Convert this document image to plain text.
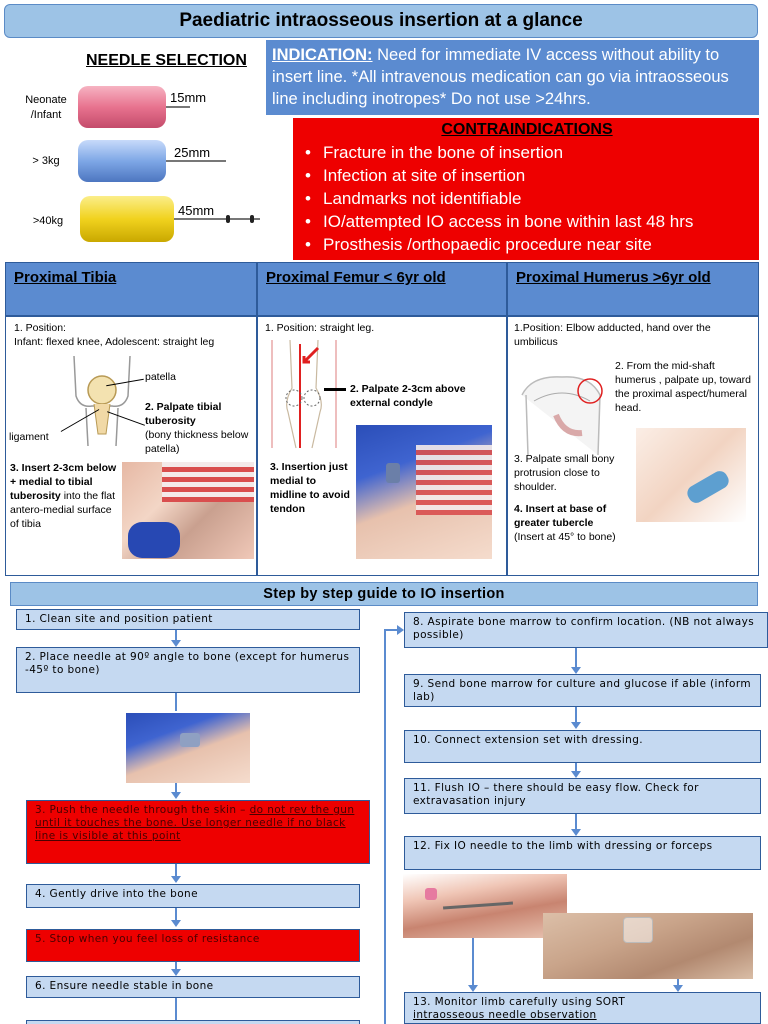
Paediatric intraosseous insertion at a glance
NEEDLE SELECTION
Neonate /Infant
15mm
> 3kg
25mm
>40kg
45mm
INDICATION: Need for immediate IV access without ability to insert line. *All intravenous medication can go via intraosseous line including inotropes* Do not use >24hrs.
CONTRAINDICATIONS
• Fracture in the bone of insertion
• Infection at site of insertion
• Landmarks not identifiable
• IO/attempted IO access in bone within last 48 hrs
• Prosthesis /orthopaedic procedure near site
Proximal Tibia	Proximal Femur < 6yr old	Proximal Humerus >6yr old
1. Position:
Infant: flexed knee, Adolescent: straight leg
patella
ligament
2. Palpate tibial tuberosity
(bony thickness below patella)
3. Insert 2-3cm below + medial to tibial tuberosity into the flat antero-medial surface of tibia
1. Position: straight leg.
2. Palpate 2-3cm above external condyle
3. Insertion just medial to midline to avoid tendon
1.Position: Elbow adducted, hand over the umbilicus
2. From the mid-shaft humerus , palpate up, toward the proximal aspect/humeral head.
3. Palpate small bony protrusion close to shoulder.
4. Insert at base of greater tubercle
(Insert at 45° to bone)
Step by step guide to IO insertion
1. Clean site and position patient
2. Place needle at 90º angle to bone (except for humerus -45º to bone)
3. Push the needle through the skin – do not rev the gun until it touches the bone. Use longer needle if no black line is visible at this point
4. Gently drive into the bone
5. Stop when you feel loss of resistance
6. Ensure needle stable in bone
8. Aspirate bone marrow to confirm location. (NB not always possible)
9. Send bone marrow for culture and glucose if able (inform lab)
10. Connect extension set with dressing.
11. Flush IO – there should be easy flow. Check for extravasation injury
12. Fix IO needle to the limb with dressing or forceps
13. Monitor limb carefully using SORT
intraosseous needle observation
